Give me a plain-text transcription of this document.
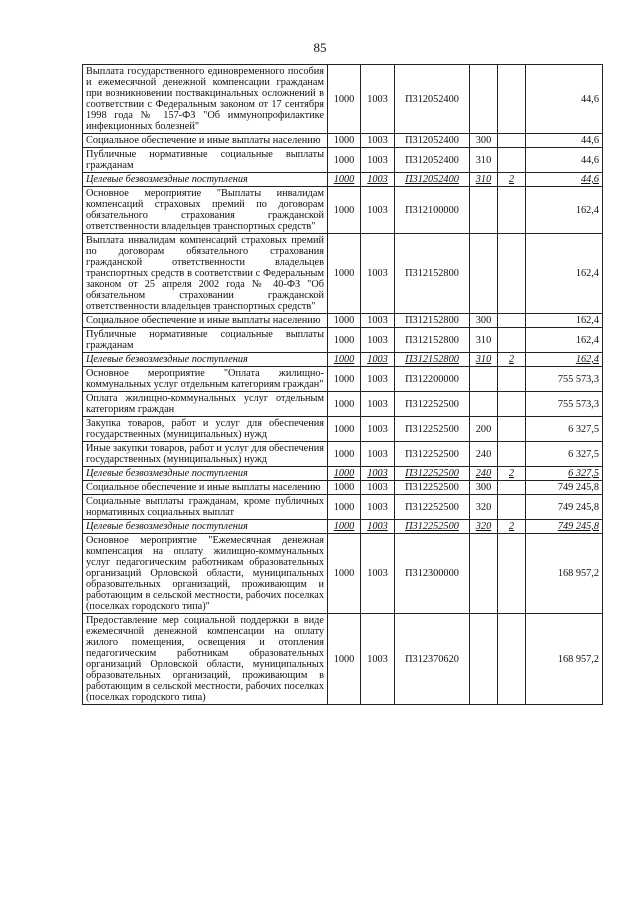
85
Выплата государственного единовременного пособия и ежемесячной денежной компенсации гражданам при возникновении поствакцинальных осложнений в соответствии с Федеральным законом от 17 сентября 1998 года № 157-ФЗ "Об иммунопрофилактике инфекционных болезней"	1000	1003	П312052400			44,6
Социальное обеспечение и иные выплаты населению	1000	1003	П312052400	300		44,6
Публичные нормативные социальные выплаты гражданам	1000	1003	П312052400	310		44,6
Целевые безвозмездные поступления	1000	1003	П312052400	310	2	44,6
Основное мероприятие "Выплаты инвалидам компенсаций страховых премий по договорам обязательного страхования гражданской ответственности владельцев транспортных средств"	1000	1003	П312100000			162,4
Выплата инвалидам компенсаций страховых премий по договорам обязательного страхования гражданской ответственности владельцев транспортных средств в соответствии с Федеральным законом от 25 апреля 2002 года № 40-ФЗ "Об обязательном страховании гражданской ответственности владельцев транспортных средств"	1000	1003	П312152800			162,4
Социальное обеспечение и иные выплаты населению	1000	1003	П312152800	300		162,4
Публичные нормативные социальные выплаты гражданам	1000	1003	П312152800	310		162,4
Целевые безвозмездные поступления	1000	1003	П312152800	310	2	162,4
Основное мероприятие "Оплата жилищно-коммунальных услуг отдельным категориям граждан"	1000	1003	П312200000			755 573,3
Оплата жилищно-коммунальных услуг отдельным категориям граждан	1000	1003	П312252500			755 573,3
Закупка товаров, работ и услуг для обеспечения государственных (муниципальных) нужд	1000	1003	П312252500	200		6 327,5
Иные закупки товаров, работ и услуг для обеспечения государственных (муниципальных) нужд	1000	1003	П312252500	240		6 327,5
Целевые безвозмездные поступления	1000	1003	П312252500	240	2	6 327,5
Социальное обеспечение и иные выплаты населению	1000	1003	П312252500	300		749 245,8
Социальные выплаты гражданам, кроме публичных нормативных социальных выплат	1000	1003	П312252500	320		749 245,8
Целевые безвозмездные поступления	1000	1003	П312252500	320	2	749 245,8
Основное мероприятие "Ежемесячная денежная компенсация на оплату жилищно-коммунальных услуг педагогическим работникам образовательных организаций Орловской области, муниципальных образовательных организаций, проживающим и работающим в сельской местности, рабочих поселках (поселках городского типа)"	1000	1003	П312300000			168 957,2
Предоставление мер социальной поддержки в виде ежемесячной денежной компенсации на оплату жилого помещения, освещения и отопления педагогическим работникам образовательных организаций Орловской области, муниципальных образовательных организаций, проживающим в работающим в сельской местности, рабочих поселках (поселках городского типа)	1000	1003	П312370620			168 957,2
